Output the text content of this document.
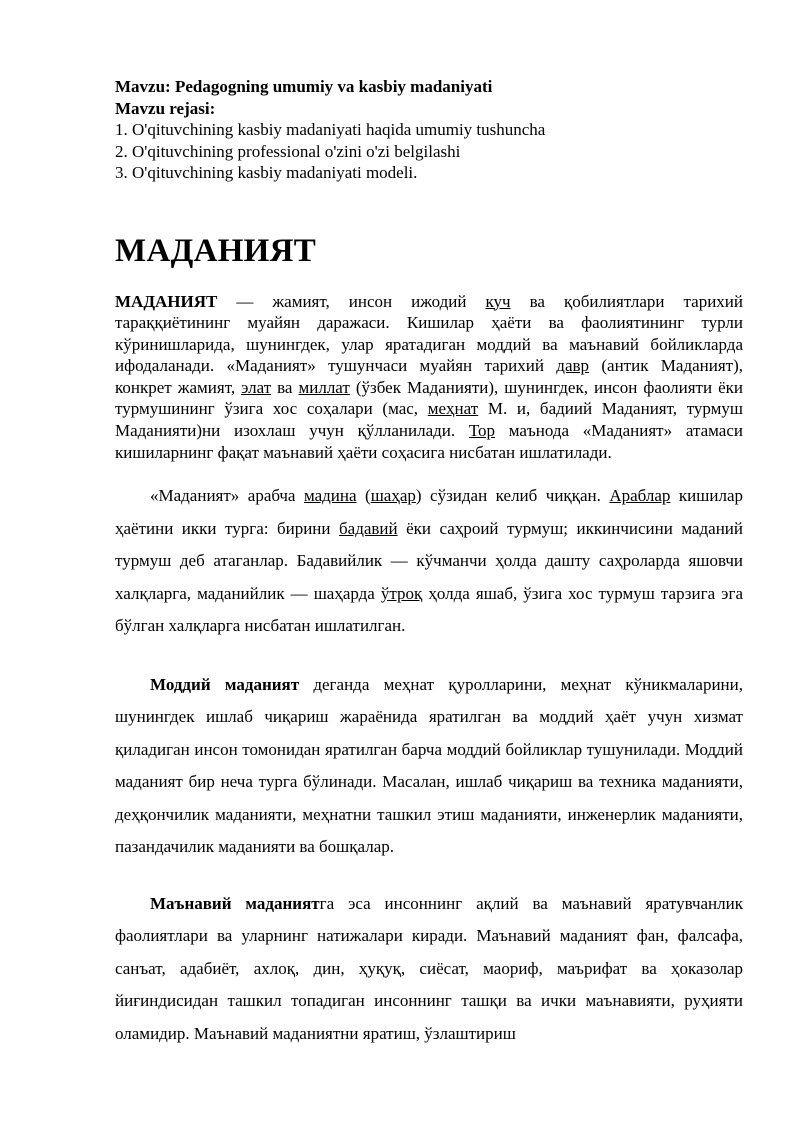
Mavzu: Pedagogning umumiy va kasbiy madaniyati

Mavzu rejasi:

1. O'qituvchining kasbiy madaniyati haqida umumiy tushuncha

2. O'qituvchining professional o'zini o'zi belgilashi

3. O'qituvchining kasbiy madaniyati modeli.

МАДАНИЯТ

МАДАНИЯТ — жамият, инсон ижодий куч ва қобилиятлари тарихий тараққиётининг муайян даражаси. Кишилар ҳаёти ва фаолиятининг турли кўринишларида, шунингдек, улар яратадиган моддий ва маънавий бойликларда ифодаланади. «Маданият» тушунчаси муайян тарихий давр (антик Маданият), конкрет жамият, элат ва миллат (ўзбек Маданияти), шунингдек, инсон фаолияти ёки турмушининг ўзига хос соҳалари (мас, меҳнат М. и, бадиий Маданият, турмуш Маданияти)ни изохлаш учун қўлланилади. Тор маънода «Маданият» атамаси кишиларнинг фақат маънавий ҳаёти соҳасига нисбатан ишлатилади.

«Маданият» арабча мадина (шаҳар) сўзидан келиб чиққан. Араблар кишилар ҳаётини икки турга: бирини бадавий ёки саҳроий турмуш; иккинчисини маданий турмуш деб атаганлар. Бадавийлик — кўчманчи ҳолда дашту саҳроларда яшовчи халқларга, маданийлик — шаҳарда ўтроқ ҳолда яшаб, ўзига хос турмуш тарзига эга бўлган халқларга нисбатан ишлатилган.

Моддий маданият деганда меҳнат қуролларини, меҳнат кўникмаларини, шунингдек ишлаб чиқариш жараёнида яратилган ва моддий ҳаёт учун хизмат қиладиган инсон томонидан яратилган барча моддий бойликлар тушунилади. Моддий маданият бир неча турга бўлинади. Масалан, ишлаб чиқариш ва техника маданияти, деҳқончилик маданияти, меҳнатни ташкил этиш маданияти, инженерлик маданияти, пазандачилик маданияти ва бошқалар.

Маънавий маданиятга эса инсоннинг ақлий ва маънавий яратувчанлик фаолиятлари ва уларнинг натижалари киради. Маънавий маданият фан, фалсафа, санъат, адабиёт, ахлоқ, дин, ҳуқуқ, сиёсат, маориф, маърифат ва ҳоказолар йиғиндисидан ташкил топадиган инсоннинг ташқи ва ички маънавияти, руҳияти оламидир. Маънавий маданиятни яратиш, ўзлаштириш
